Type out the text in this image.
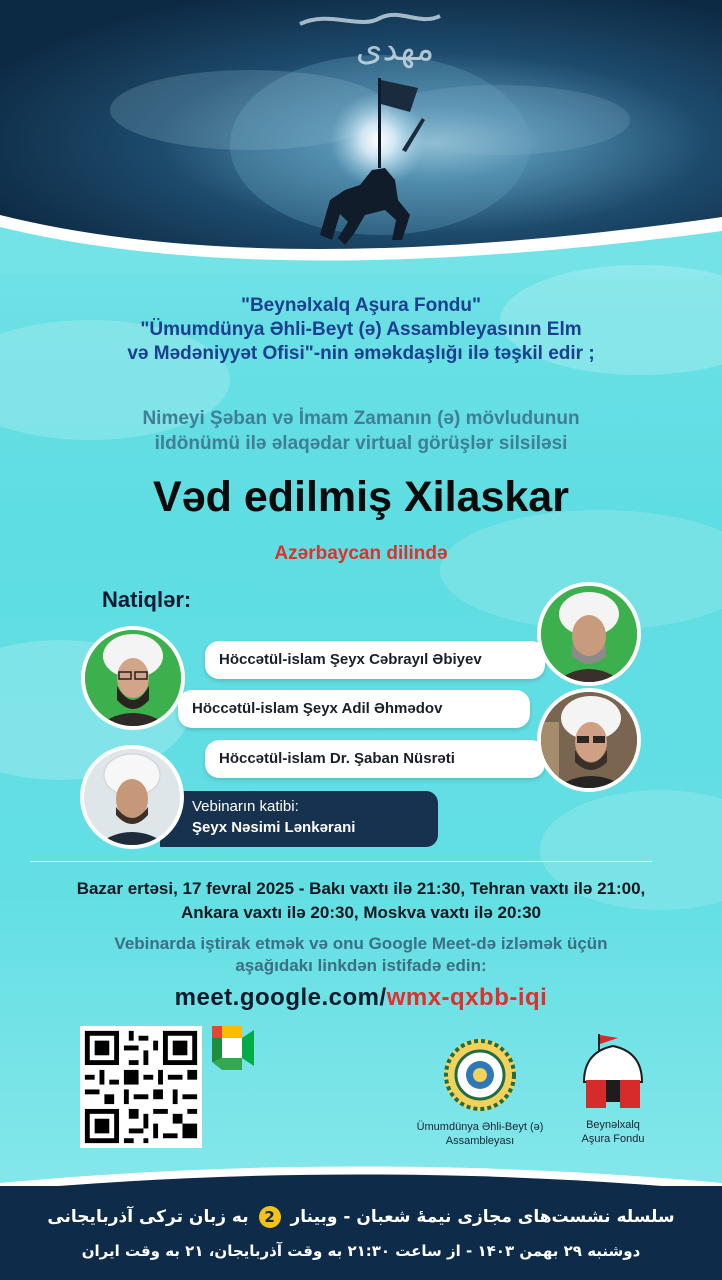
مهدی
"Beynəlxalq Aşura Fondu"
"Ümumdünya Əhli-Beyt (ə) Assambleyasının Elm
və Mədəniyyət Ofisi"-nin əməkdaşlığı ilə təşkil edir ;
Nimeyi Şəban və İmam Zamanın (ə) mövludunun
ildönümü ilə əlaqədar virtual görüşlər silsiləsi
Vəd edilmiş Xilaskar
Azərbaycan dilində
Natiqlər:
Höccətül-islam Şeyx Cəbrayıl Əbiyev
Höccətül-islam Şeyx Adil Əhmədov
Höccətül-islam Dr. Şaban Nüsrəti
Vebinarın katibi:
Şeyx Nəsimi Lənkərani
Bazar ertəsi, 17 fevral 2025 - Bakı vaxtı ilə 21:30, Tehran vaxtı ilə 21:00,
Ankara vaxtı ilə 20:30, Moskva vaxtı ilə 20:30
Vebinarda iştirak etmək və onu Google Meet-də izləmək üçün
aşağıdakı linkdən istifadə edin:
meet.google.com/wmx-qxbb-iqi
Ümumdünya Əhli-Beyt (ə)
Assambleyası
Beynəlxalq
Aşura Fondu
سلسله نشست‌های مجازی نیمهٔ شعبان - وبینار 2 به زبان ترکی آذربایجانی
دوشنبه ۲۹ بهمن ۱۴۰۳ - از ساعت ۲۱:۳۰ به وقت آذربایجان، ۲۱ به وقت ایران
